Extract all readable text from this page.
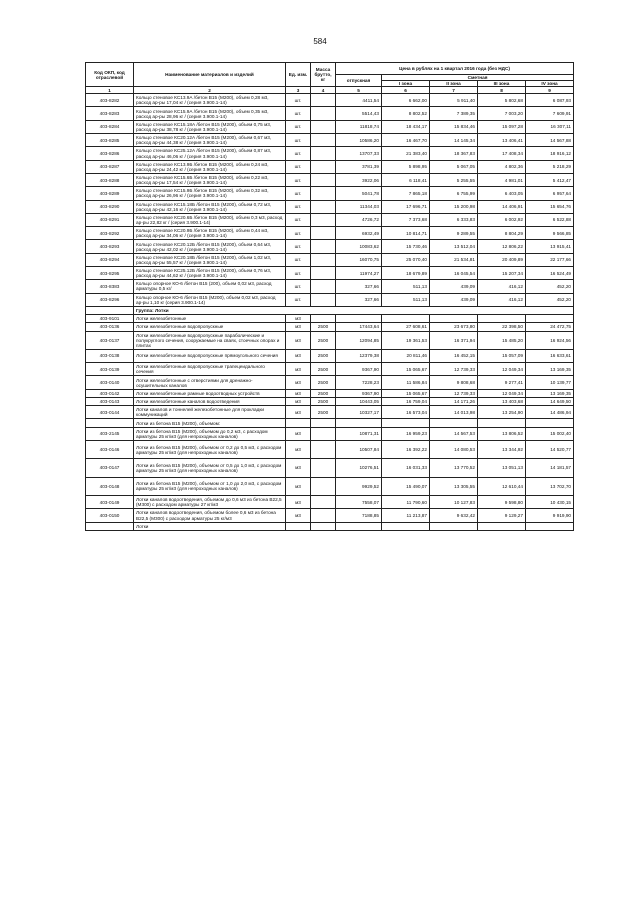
584
Код ОКП, код отраслевой	Наименование материалов и изделий	Ед. изм.	Масса брутто, кг	Цена в рублях на 1 квартал 2016 года (без НДС)				
				отпускная	Сметная			
					I зона	II зона	III зона	IV зона
1	2	3	4	5	6	7	8	9
403-8282	Кольцо стеновое КС13.9А /бетон В15 (М200), объем 0,28 м3, расход ар-ры 17,04 кг / (серия 3.900.1-14)	шт.		4411,54	6 662,00	5 911,40	5 802,68	6 087,93
403-8283	Кольцо стеновое КС15.9А /бетон В15 (М200), объем 0,35 м3, расход ар-ры 28,96 кг / (серия 3.900.1-14)	шт.		5514,43	8 802,52	7 389,35	7 003,20	7 609,91
403-8284	Кольцо стеновое КС15.18А /бетон В15 (М200), объем 0,75 м3, расход ар-ры 38,78 кг / (серия 3.900.1-14)	шт.		11818,74	18 434,17	15 834,46	15 097,28	16 307,11
403-8285	Кольцо стеновое КС20.12А /бетон В15 (М200), объем 0,67 м3, расход ар-ры 44,38 кг / (серия 3.900.1-14)	шт.		10586,20	16 467,70	14 145,34	13 406,41	14 567,88
403-8286	Кольцо стеновое КС25.12А /бетон В15 (М200), объем 0,87 м3, расход ар-ры 46,06 кг / (серия 3.900.1-14)	шт.		13707,33	21 383,40	18 367,83	17 408,34	18 916,12
403-8287	Кольцо стеновое КС13.9Б /бетон В15 (М200), объем 0,24 м3, расход ар-ры 24,42 кг / (серия 3.900.1-14)	шт.		3781,39	5 898,95	5 067,05	4 802,36	5 218,29
403-8288	Кольцо стеновое КС15.6Б /бетон В15 (М200), объем 0,22 м3, расход ар-ры 17,54 кг / (серия 3.900.1-14)	шт.		3922,06	6 118,41	5 255,55	4 981,01	5 412,47
403-8289	Кольцо стеновое КС15.9Б /бетон В15 (М200), объем 0,32 м3, расход ар-ры 26,96 кг / (серия 3.900.1-14)	шт.		5041,78	7 865,18	6 755,99	6 403,05	6 957,64
403-8290	Кольцо стеновое КС15.18Б /бетон В15 (М200), объем 0,72 м3, расход ар-ры 42,16 кг / (серия 3.900.1-14)	шт.		11344,03	17 696,71	15 200,98	14 406,91	15 654,76
403-8291	Кольцо стеновое КС20.6Б /бетон В15 (М200), объем 0,3 м3, расход ар-ры 22,82 кг / (серия 3.900.1-14)	шт.		4726,72	7 373,68	6 333,83	6 002,92	6 522,88
403-8292	Кольцо стеновое КС20.9Б /бетон В15 (М200), объем 0,44 м3, расход ар-ры 34,06 кг / (серия 3.900.1-14)	шт.		6932,49	10 814,71	9 289,55	8 804,29	9 566,85
403-8293	Кольцо стеновое КС20.12Б /бетон В15 (М200), объем 0,64 м3, расход ар-ры 42,02 кг / (серия 3.900.1-14)	шт.		10083,62	15 730,46	13 512,04	12 806,22	13 915,41
403-8294	Кольцо стеновое КС20.18Б /бетон В15 (М200), объем 1,02 м3, расход ар-ры 55,57 кг / (серия 3.900.1-14)	шт.		16070,75	25 070,40	21 534,81	20 409,89	22 177,66
403-8295	Кольцо стеновое КС25.12Б /бетон В15 (М200), объем 0,76 м3, расход ар-ры 44,62 кг / (серия 3.900.1-14)	шт.		11974,27	18 679,89	16 045,54	15 207,34	16 524,49
403-8383	Кольцо опорное КО-6 /бетон В15 (200), объем 0,02 м3, расход арматуры 0,5 кг/	шт.		327,66	511,13	439,09	416,12	452,20
403-8296	Кольцо опорное КО-6 /бетон В15 (М200), объем 0,02 м3, расход ар-ры 1,10 кг (серия 3.900.1-14)	шт.		327,66	511,13	439,09	416,12	452,20
	Группа: Лотки							
403-9101	Лотки железобетонные	м3						
403-0136	Лотки железобетонные водопропускные	м3	2500	17443,64	27 608,61	23 673,80	22 398,50	24 472,75
403-0137	Лотки железобетонные водопропускные параболические и полукруглого сечения, сооружаемые на сваях, стоечных опорах и плитах	м3	2500	12094,85	19 361,53	16 371,94	15 485,20	16 924,56
403-0138	Лотки железобетонные водопропускные прямоугольного сечения	м3	2500	12379,38	20 811,46	16 452,15	15 057,09	16 633,61
403-0139	Лотки железобетонные водопропускные трапецеидального сечения	м3	2500	9367,90	15 065,67	12 739,33	12 049,34	13 169,35
403-0140	Лотки железобетонные с отверстиями для дренажно-осушительных каналов	м3	2500	7228,23	11 586,84	9 808,68	9 277,41	10 139,77
403-0142	Лотки железобетонные рамные водоотводных устройств	м3	2500	9367,90	15 065,67	12 739,33	12 049,34	13 169,35
403-0143	Лотки железобетонные каналов водоотведения	м3	2500	10443,05	16 759,04	14 171,26	13 403,68	14 649,50
403-0144	Лотки каналов и тоннелей железобетонные для прокладки коммуникаций	м3	2500	10327,17	16 573,04	14 013,98	13 254,90	14 486,94
	Лотки из бетона В15 (М200), объемом:							
403-2145	Лотки из бетона В15 (М200), объемом до 0,2 м3, с расходом арматуры 25 кг/м3 (для непроходных каналов)	м3		10871,31	16 959,23	14 567,53	13 806,52	15 002,40
403-0146	Лотки из бетона В15 (М200), объемом от 0,2 до 0,5 м3, с расходом арматуры 25 кг/м3 (для непроходных каналов)	м3		10507,84	16 392,22	14 080,53	13 344,92	14 520,77
403-0147	Лотки из бетона В15 (М200), объемом от 0,5 до 1,0 м3, с расходом арматуры 25 кг/м3 (для непроходных каналов)	м3		10276,51	16 031,33	13 770,52	13 051,13	14 181,57
403-0148	Лотки из бетона В15 (М200), объемом от 1,0 до 2,0 м3, с расходом арматуры 25 кг/м3 (для непроходных каналов)	м3		9929,52	15 490,07	13 305,55	12 610,44	13 702,70
403-0149	Лотки каналов водоотведения, объемом до 0,6 м3 из бетона В22,5 (М300) с расходом арматуры 27 кг/м3	м3		7558,07	11 790,60	10 127,83	9 598,80	10 430,15
403-0150	Лотки каналов водоотведения, объемом более 0,6 м3 из бетона В22,5 (М300) с расходом арматуры 25 кг/м3	м3		7188,85	11 213,87	9 632,42	9 129,27	9 919,90
	Лотки							
